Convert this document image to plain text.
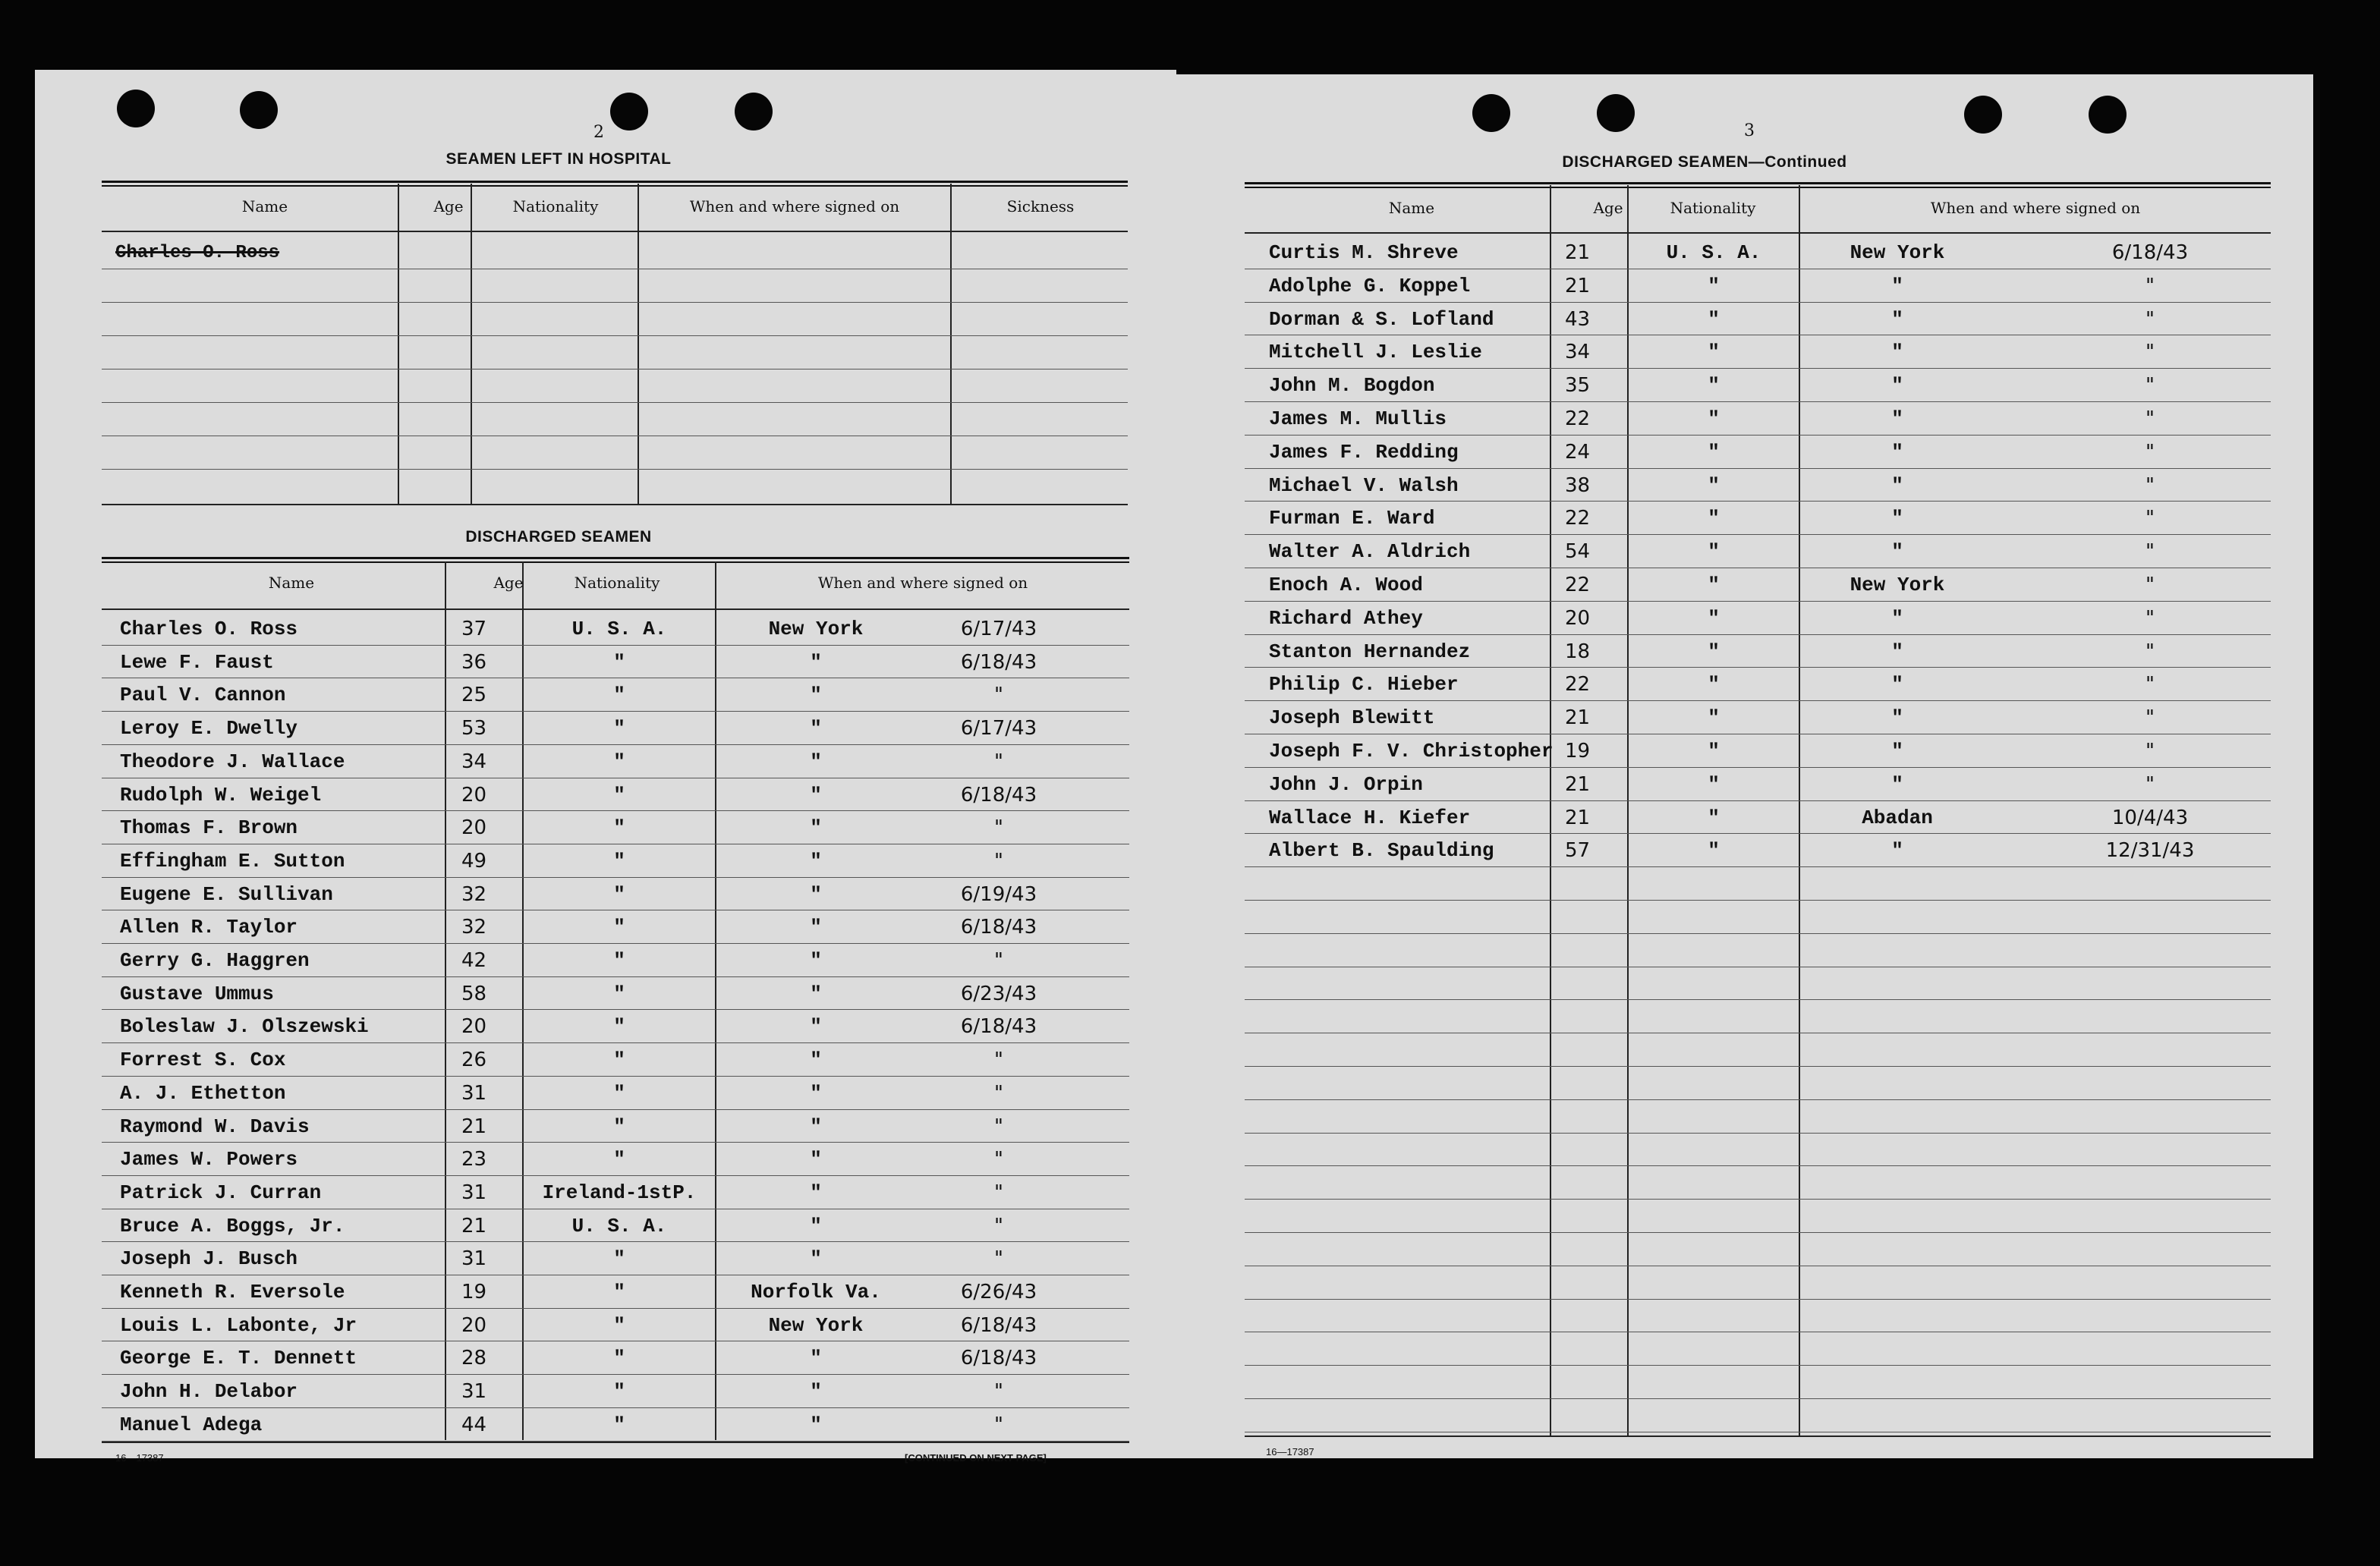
2
SEAMEN LEFT IN HOSPITAL
Name	Age	Nationality	When and where signed on	Sickness
Charles O. Ross
DISCHARGED SEAMEN
Name	Age	Nationality	When and where signed on
Charles O. Ross	37	U. S. A.	New York	6/17/43
Lewe F. Faust	36	"	"	6/18/43
Paul V. Cannon	25	"	"	"
Leroy E. Dwelly	53	"	"	6/17/43
Theodore J. Wallace	34	"	"	"
Rudolph W. Weigel	20	"	"	6/18/43
Thomas F. Brown	20	"	"	"
Effingham E. Sutton	49	"	"	"
Eugene E. Sullivan	32	"	"	6/19/43
Allen R. Taylor	32	"	"	6/18/43
Gerry G. Haggren	42	"	"	"
Gustave Ummus	58	"	"	6/23/43
Boleslaw J. Olszewski	20	"	"	6/18/43
Forrest S. Cox	26	"	"	"
A. J. Ethetton	31	"	"	"
Raymond W. Davis	21	"	"	"
James W. Powers	23	"	"	"
Patrick J. Curran	31	Ireland-1stP.	"	"
Bruce A. Boggs, Jr.	21	U. S. A.	"	"
Joseph J. Busch	31	"	"	"
Kenneth R. Eversole	19	"	Norfolk Va.	6/26/43
Louis L. Labonte, Jr	20	"	New York	6/18/43
George E. T. Dennett	28	"	"	6/18/43
John H. Delabor	31	"	"	"
Manuel Adega	44	"	"	"
16—17387	[CONTINUED ON NEXT PAGE]
3
DISCHARGED SEAMEN—Continued
Name	Age	Nationality	When and where signed on
Curtis M. Shreve	21	U. S. A.	New York	6/18/43
Adolphe G. Koppel	21	"	"	"
Dorman & S. Lofland	43	"	"	"
Mitchell J. Leslie	34	"	"	"
John M. Bogdon	35	"	"	"
James M. Mullis	22	"	"	"
James F. Redding	24	"	"	"
Michael V. Walsh	38	"	"	"
Furman E. Ward	22	"	"	"
Walter A. Aldrich	54	"	"	"
Enoch A. Wood	22	"	New York	"
Richard Athey	20	"	"	"
Stanton Hernandez	18	"	"	"
Philip C. Hieber	22	"	"	"
Joseph Blewitt	21	"	"	"
Joseph F. V. Christopher 19	"	"	"
John J. Orpin	21	"	"	"
Wallace H. Kiefer	21	"	Abadan	10/4/43
Albert B. Spaulding	57	"	"	12/31/43
16—17387
